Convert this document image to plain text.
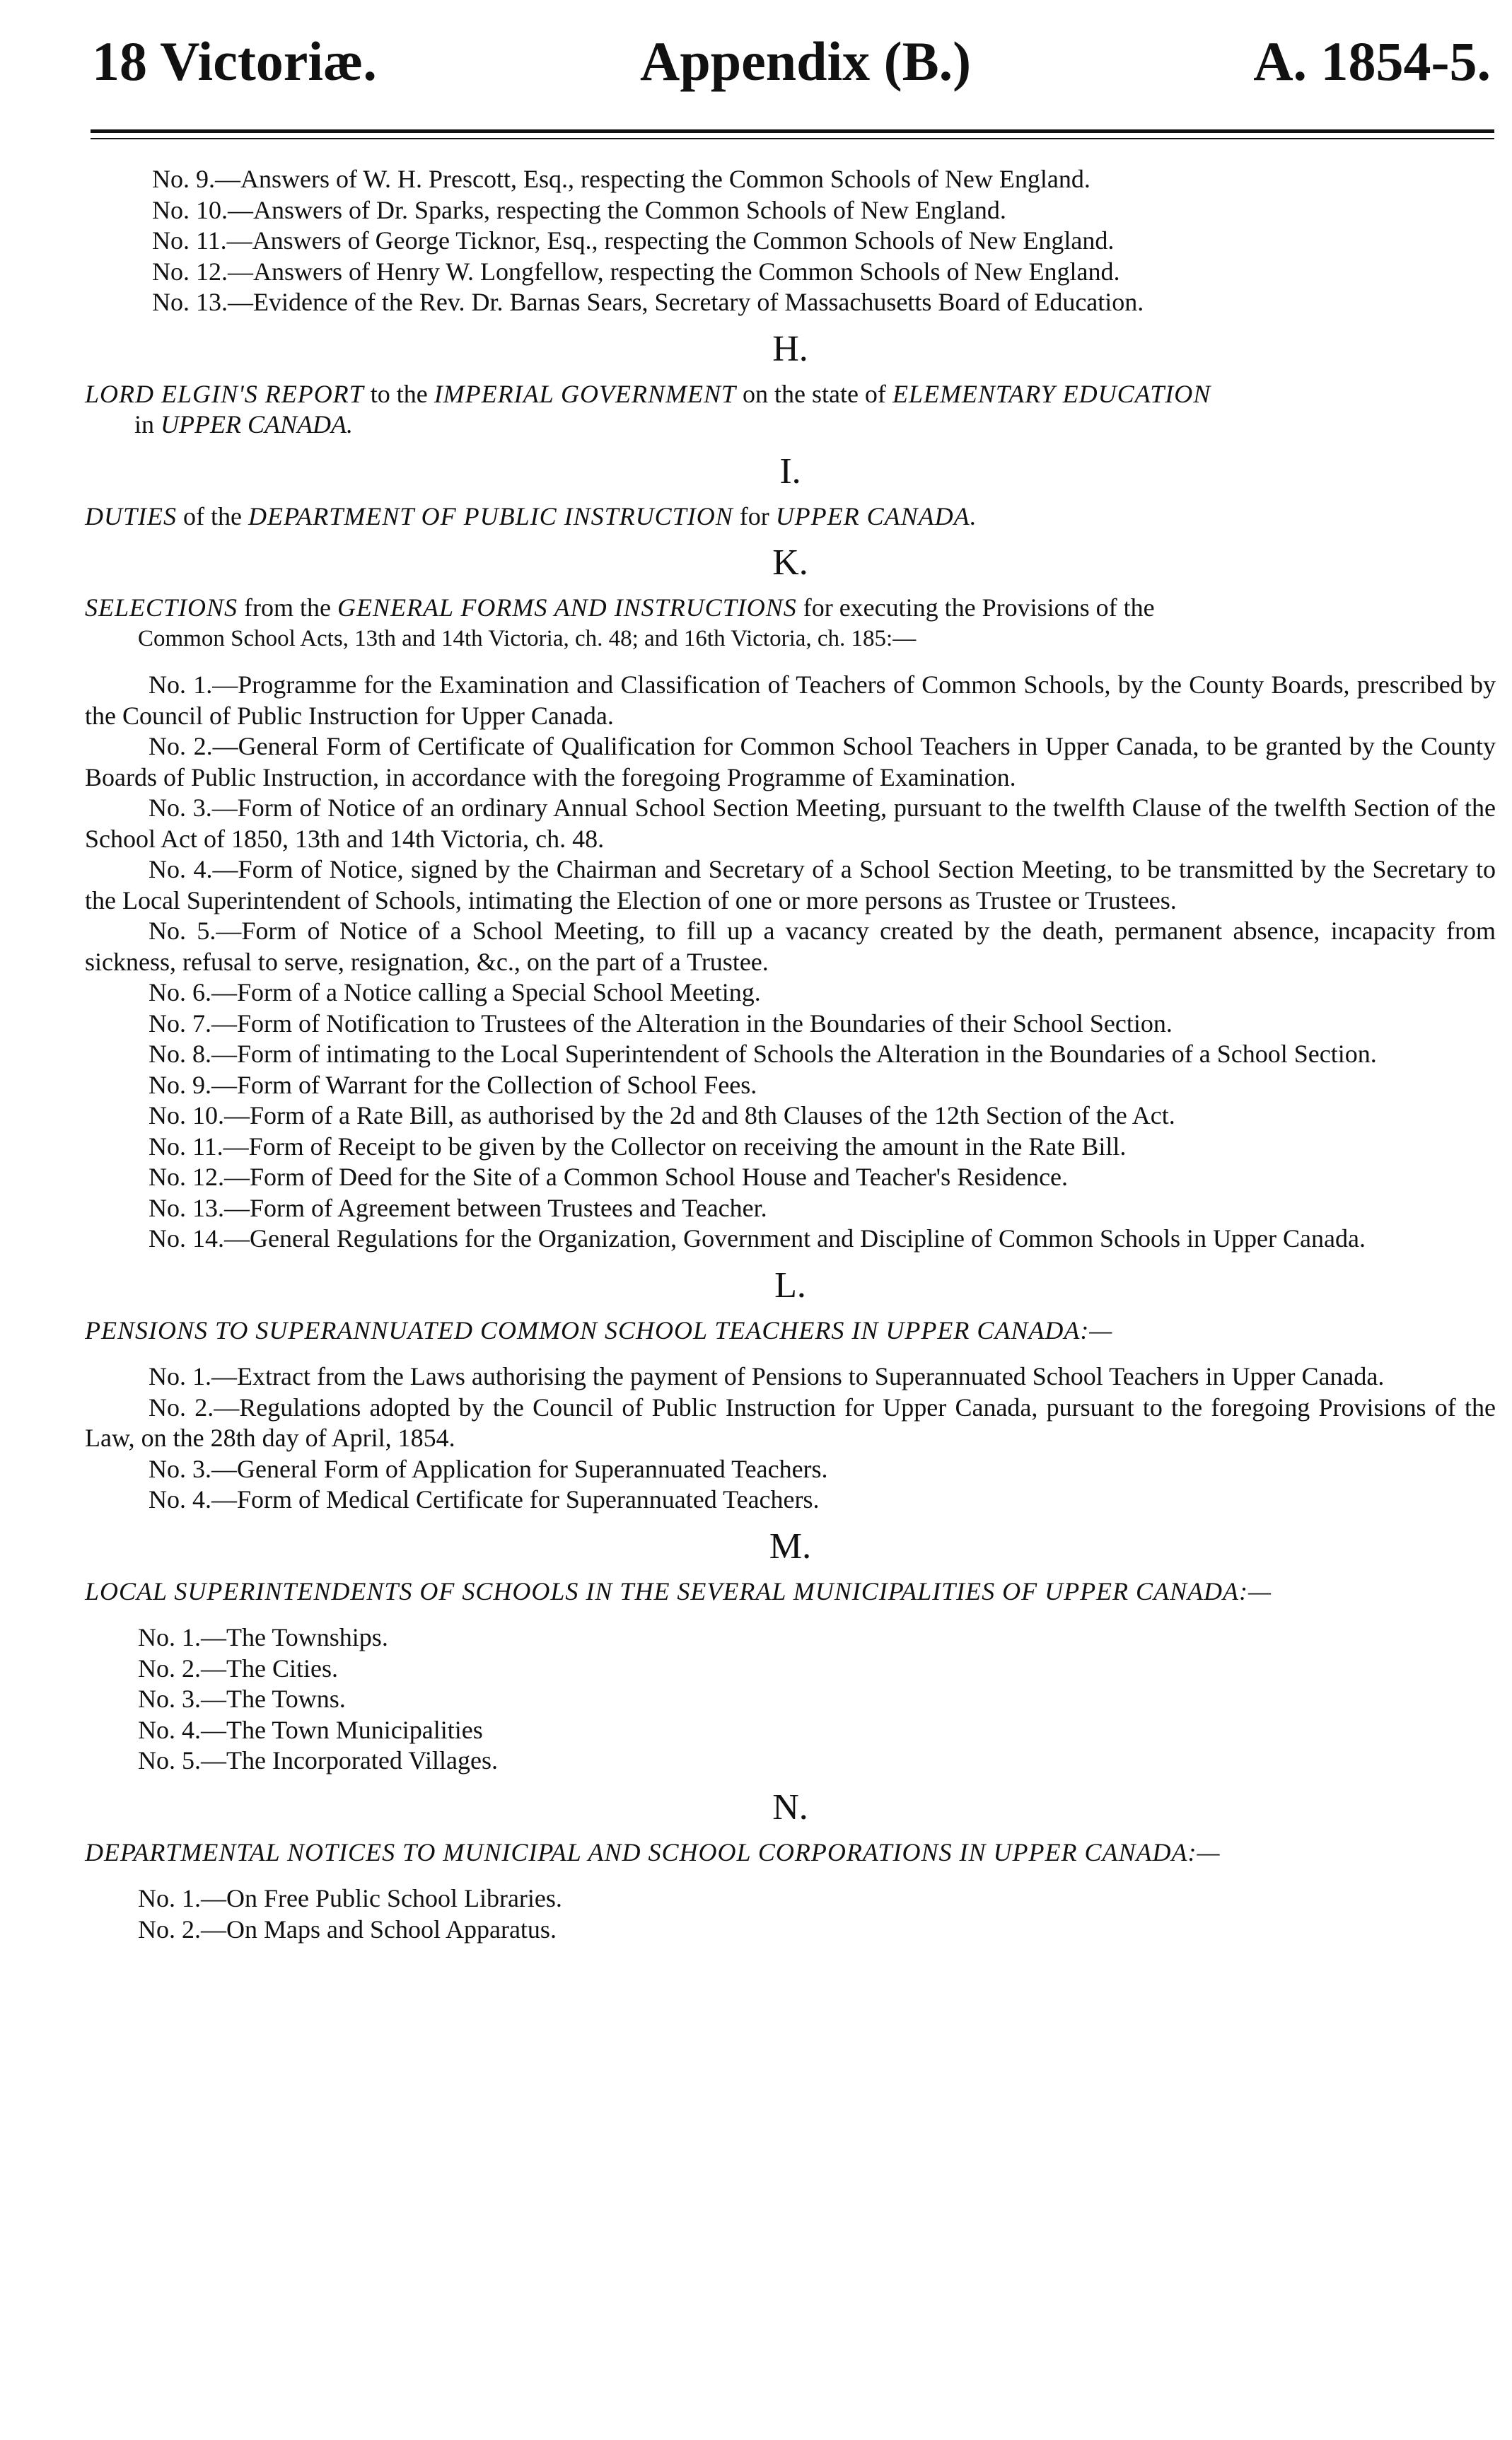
18 Victoriæ.	Appendix (B.)	A. 1854-5.
No. 9.—Answers of W. H. Prescott, Esq., respecting the Common Schools of New England.
No. 10.—Answers of Dr. Sparks, respecting the Common Schools of New England.
No. 11.—Answers of George Ticknor, Esq., respecting the Common Schools of New England.
No. 12.—Answers of Henry W. Longfellow, respecting the Common Schools of New England.
No. 13.—Evidence of the Rev. Dr. Barnas Sears, Secretary of Massachusetts Board of Education.
H.
LORD ELGIN'S REPORT to the IMPERIAL GOVERNMENT on the state of ELEMENTARY EDUCATION
in UPPER CANADA.
I.
DUTIES of the DEPARTMENT OF PUBLIC INSTRUCTION for UPPER CANADA.
K.
SELECTIONS from the GENERAL FORMS AND INSTRUCTIONS for executing the Provisions of the
Common School Acts, 13th and 14th Victoria, ch. 48; and 16th Victoria, ch. 185:—
No. 1.—Programme for the Examination and Classification of Teachers of Common Schools, by the County Boards, prescribed by the Council of Public Instruction for Upper Canada.
No. 2.—General Form of Certificate of Qualification for Common School Teachers in Upper Canada, to be granted by the County Boards of Public Instruction, in accordance with the foregoing Programme of Examination.
No. 3.—Form of Notice of an ordinary Annual School Section Meeting, pursuant to the twelfth Clause of the twelfth Section of the School Act of 1850, 13th and 14th Victoria, ch. 48.
No. 4.—Form of Notice, signed by the Chairman and Secretary of a School Section Meeting, to be transmitted by the Secretary to the Local Superintendent of Schools, intimating the Election of one or more persons as Trustee or Trustees.
No. 5.—Form of Notice of a School Meeting, to fill up a vacancy created by the death, permanent absence, incapacity from sickness, refusal to serve, resignation, &c., on the part of a Trustee.
No. 6.—Form of a Notice calling a Special School Meeting.
No. 7.—Form of Notification to Trustees of the Alteration in the Boundaries of their School Section.
No. 8.—Form of intimating to the Local Superintendent of Schools the Alteration in the Boundaries of a School Section.
No. 9.—Form of Warrant for the Collection of School Fees.
No. 10.—Form of a Rate Bill, as authorised by the 2d and 8th Clauses of the 12th Section of the Act.
No. 11.—Form of Receipt to be given by the Collector on receiving the amount in the Rate Bill.
No. 12.—Form of Deed for the Site of a Common School House and Teacher's Residence.
No. 13.—Form of Agreement between Trustees and Teacher.
No. 14.—General Regulations for the Organization, Government and Discipline of Common Schools in Upper Canada.
L.
PENSIONS TO SUPERANNUATED COMMON SCHOOL TEACHERS IN UPPER CANADA:—
No. 1.—Extract from the Laws authorising the payment of Pensions to Superannuated School Teachers in Upper Canada.
No. 2.—Regulations adopted by the Council of Public Instruction for Upper Canada, pursuant to the foregoing Provisions of the Law, on the 28th day of April, 1854.
No. 3.—General Form of Application for Superannuated Teachers.
No. 4.—Form of Medical Certificate for Superannuated Teachers.
M.
LOCAL SUPERINTENDENTS OF SCHOOLS IN THE SEVERAL MUNICIPALITIES OF UPPER CANADA:—
No. 1.—The Townships.
No. 2.—The Cities.
No. 3.—The Towns.
No. 4.—The Town Municipalities
No. 5.—The Incorporated Villages.
N.
DEPARTMENTAL NOTICES TO MUNICIPAL AND SCHOOL CORPORATIONS IN UPPER CANADA:—
No. 1.—On Free Public School Libraries.
No. 2.—On Maps and School Apparatus.
